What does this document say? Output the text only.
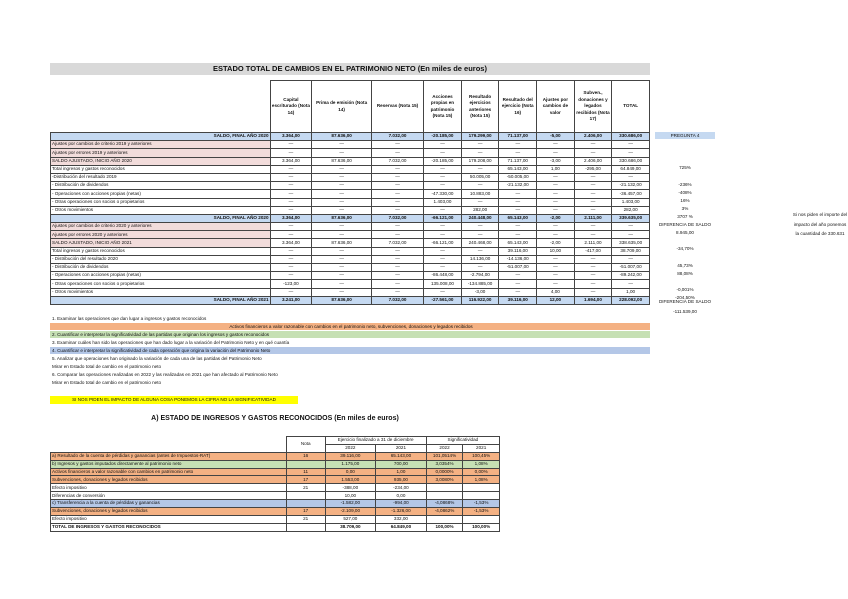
ESTADO TOTAL DE CAMBIOS EN EL PATRIMONIO NETO (En miles de euros)
	Capital escriturado (Nota 14)	Prima de emisión (Nota 14)	Reservas (Nota 15)	Acciones propias en patrimonio (Nota 15)	Resultado ejercicios anteriores (Nota 15)	Resultado del ejercicio (Nota 16)	Ajustes por cambios de valor	Subven., donaciones y legados recibidos (Nota 17)	TOTAL
SALDO, FINAL AÑO 2020	3.364,00	87.636,00	7.032,00	-20.185,00	179.299,00	71.137,00	-5,00	2.406,00	330.686,00
Ajustes por cambios de criterio 2019 y anteriores	—	—	—	—	—	—	—	—	—
Ajustes por errores 2019 y anteriores	—	—	—	—	—	—	—	—	—
SALDO AJUSTADO, INICIO AÑO 2020	3.364,00	87.636,00	7.032,00	-20.185,00	179.208,00	71.137,00	-3,00	2.406,00	330.686,00
Total ingresos y gastos reconocidos	—	—	—	—	—	65.143,00	1,00	-295,00	64.849,00
-Distribución del resultado 2019	—	—	—	—	50.005,00	-50.005,00	—	—	—
- Distribución de dividendos	—	—	—	—	—	-21.132,00	—	—	-21.132,00
- Operaciones con acciones propias (netas)	—	—	—	-47.330,00	10.883,00	—	—	—	-36.457,00
- Otras operaciones con socios o propietarios	—	—	—	1.403,00	—	—	—	—	1.403,00
- Otros movimientos	—	—	—	—	282,00	—	—	—	282,00
SALDO, FINAL AÑO 2020	3.364,00	87.636,00	7.032,00	-66.121,00	240.448,00	65.143,00	-2,00	2.111,00	339.635,00
Ajustes por cambios de criterio 2020 y anteriores	—	—	—	—	—	—	—	—	—
Ajustes por errores 2020 y anteriores	—	—	—	—	—	—	—	—	—
SALDO AJUSTADO, INICIO AÑO 2021	3.364,00	87.636,00	7.032,00	-66.121,00	240.468,00	65.143,00	-2,00	2.111,00	338.635,00
Total ingresos y gastos reconocidos	—	—	—	—	—	39.116,00	10,00	-417,00	38.709,00
- Distribución del resultado 2020	—	—	—	—	14.136,00	-14.136,00	—	—	—
- Distribución de dividendos	—	—	—	—	—	-51.007,00	—	—	-51.007,00
- Operaciones con acciones propias (netas)	—	—	—	-86.448,00	-2.794,00	—	—	—	-89.242,00
- Otras operaciones con socios o propietarios	-123,00	—	—	135.008,00	-134.885,00	—	—	—	—
- Otros movimientos	—	—	—	—	-3,00	—	4,00	—	1,00
SALDO, FINAL AÑO 2021	3.241,00	87.636,00	7.032,00	-27.561,00	116.922,00	39.116,00	12,00	1.694,00	228.092,00
PREGUNTA 4
725%
-236%
-408%
16%
3%
3707 %
DIFERENCIA DE SALDO
8.945,00
-34,70%
45,73%
88,08%
-0,001%
-204,50%
Si nos piden el importe del
impacto del año ponemos
la cuantidad de 330.631
DIFERENCIA DE SALDO
-111.539,00
1. Examinar las operaciones que dan lugar a ingresos y gastos reconocidos
Activos financieros a valor razonable con cambios en el patrimonio neto, subvenciones, donaciones y legados recibidos
2. Cuantificar e interpretar la significatividad de las partidas que originan los ingresos y gastos reconocidos
3. Examinar cuáles han sido las operaciones que han dado lugar a la variación del Patrimonio Neto y en qué cuantía
4. Cuantificar e interpretar la significatividad de cada operación que origina la variación del Patrimonio Neto
5. Analizar que operaciones han originado la variación de cada una de las partidas del Patrimonio Neto
Mirar en Estado total de cambio en el patrimonio neto
6. Comparar las operaciones realizadas en 2022 y las realizadas en 2021 que han afectado al Patrimonio Neto
Mirar en Estado total de cambio en el patrimonio neto
SI NOS PIDEN EL IMPACTO DE ALGUNA COSA PONEMOS LA CIFRA NO LA SIGNIFICATIVIDAD
A) ESTADO DE INGRESOS Y GASTOS RECONOCIDOS (En miles de euros)
	Nota	Ejercicio finalizado a 31 de diciembre		Significatividad	
		2022	2021	2022	2021
a) Resultado de la cuenta de pérdidas y ganancias (antes de Impuestos-RAT)	16	39.116,00	65.143,00	101,0514%	100,45%
b) Ingresos y gastos imputados directamente al patrimonio neto		1.175,00	700,00	3,0354%	1,08%
Activos financieros a valor razonable con cambios en patrimonio neto	11	0,00	1,00	0,0000%	0,00%
Subvenciones, donaciones y legados recibidos	17	1.553,00	935,00	3,0080%	1,08%
Efecto impositivo	21	-388,00	-234,00		
Diferencias de conversión		10,00	0,00		
c) Transferencia a la cuenta de pérdidas y ganancias		-1.582,00	-994,00	-4,0868%	-1,53%
Subvenciones, donaciones y legados recibidos	17	-2.109,00	-1.326,00	-4,0862%	-1,53%
Efecto impositivo	21	527,00	332,00		
TOTAL DE INGRESOS Y GASTOS RECONOCIDOS		38.709,00	64.849,00	100,00%	100,00%
